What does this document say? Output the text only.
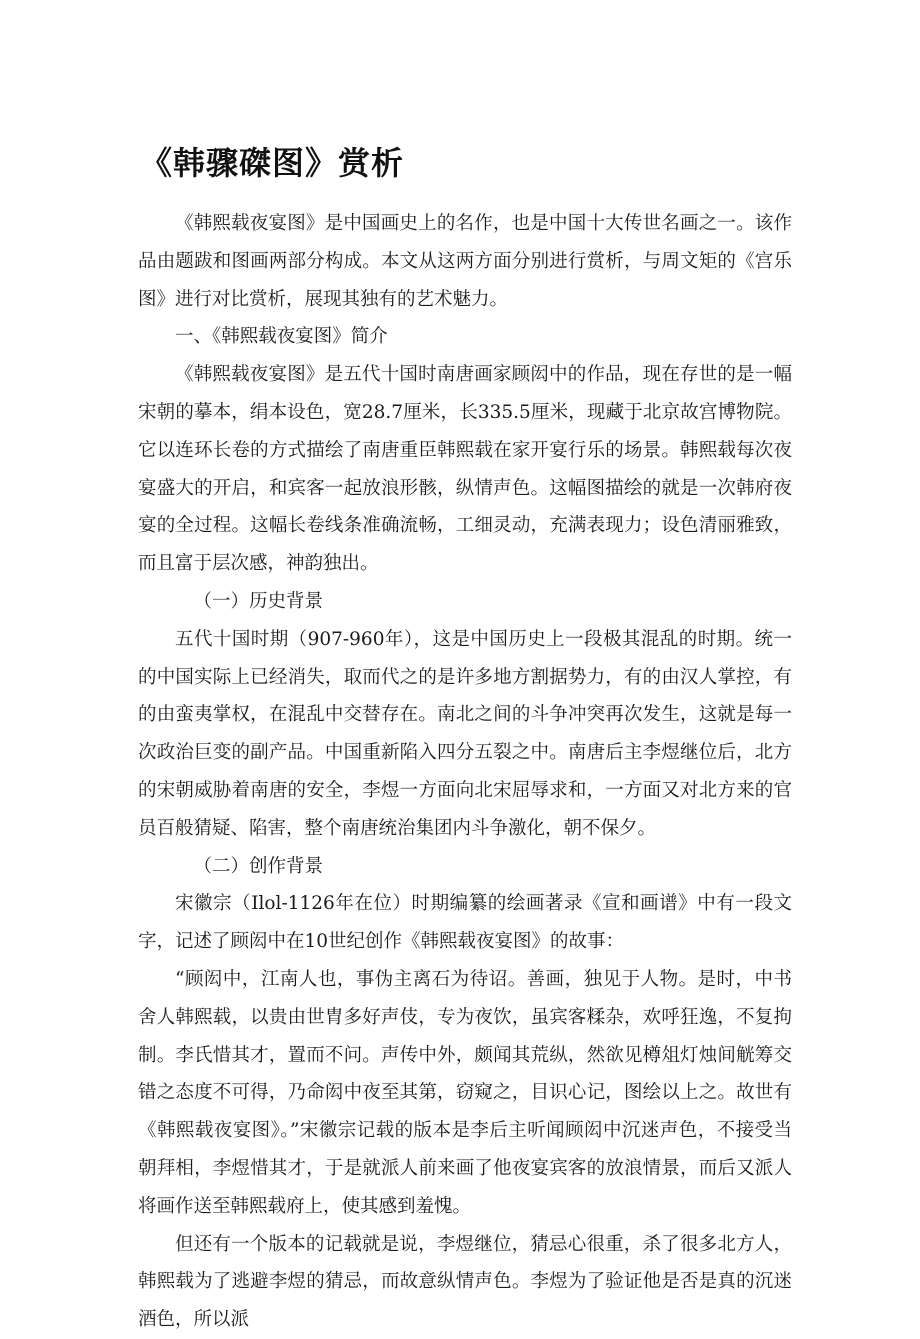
《韩骤磔图》赏析

《韩熙载夜宴图》是中国画史上的名作，也是中国十大传世名画之一。该作品由题跋和图画两部分构成。本文从这两方面分别进行赏析，与周文矩的《宫乐图》进行对比赏析，展现其独有的艺术魅力。

一、《韩熙载夜宴图》简介

《韩熙载夜宴图》是五代十国时南唐画家顾闳中的作品，现在存世的是一幅宋朝的摹本，绢本设色，宽28.7厘米，长335.5厘米，现藏于北京故宫博物院。它以连环长卷的方式描绘了南唐重臣韩熙载在家开宴行乐的场景。韩熙载每次夜宴盛大的开启，和宾客一起放浪形骸，纵情声色。这幅图描绘的就是一次韩府夜宴的全过程。这幅长卷线条准确流畅，工细灵动，充满表现力；设色清丽雅致，而且富于层次感，神韵独出。

（一）历史背景

五代十国时期（907-960年），这是中国历史上一段极其混乱的时期。统一的中国实际上已经消失，取而代之的是许多地方割据势力，有的由汉人掌控，有的由蛮夷掌权，在混乱中交替存在。南北之间的斗争冲突再次发生，这就是每一次政治巨变的副产品。中国重新陷入四分五裂之中。南唐后主李煜继位后，北方的宋朝威胁着南唐的安全，李煜一方面向北宋屈辱求和，一方面又对北方来的官员百般猜疑、陷害，整个南唐统治集团内斗争激化，朝不保夕。

（二）创作背景

宋徽宗（Ilol-1126年在位）时期编纂的绘画著录《宣和画谱》中有一段文字，记述了顾闳中在10世纪创作《韩熙载夜宴图》的故事：

“顾闳中，江南人也，事伪主离石为待诏。善画，独见于人物。是时，中书舍人韩熙载，以贵由世胄多好声伎，专为夜饮，虽宾客糅杂，欢呼狂逸，不复拘制。李氏惜其才，置而不问。声传中外，颇闻其荒纵，然欲见樽俎灯烛间觥筹交错之态度不可得，乃命闳中夜至其第，窃窥之，目识心记，图绘以上之。故世有《韩熙载夜宴图》。”宋徽宗记载的版本是李后主听闻顾闳中沉迷声色，不接受当朝拜相，李煜惜其才，于是就派人前来画了他夜宴宾客的放浪情景，而后又派人将画作送至韩熙载府上，使其感到羞愧。

但还有一个版本的记载就是说，李煜继位，猜忌心很重，杀了很多北方人，韩熙载为了逃避李煜的猜忌，而故意纵情声色。李煜为了验证他是否是真的沉迷酒色，所以派
